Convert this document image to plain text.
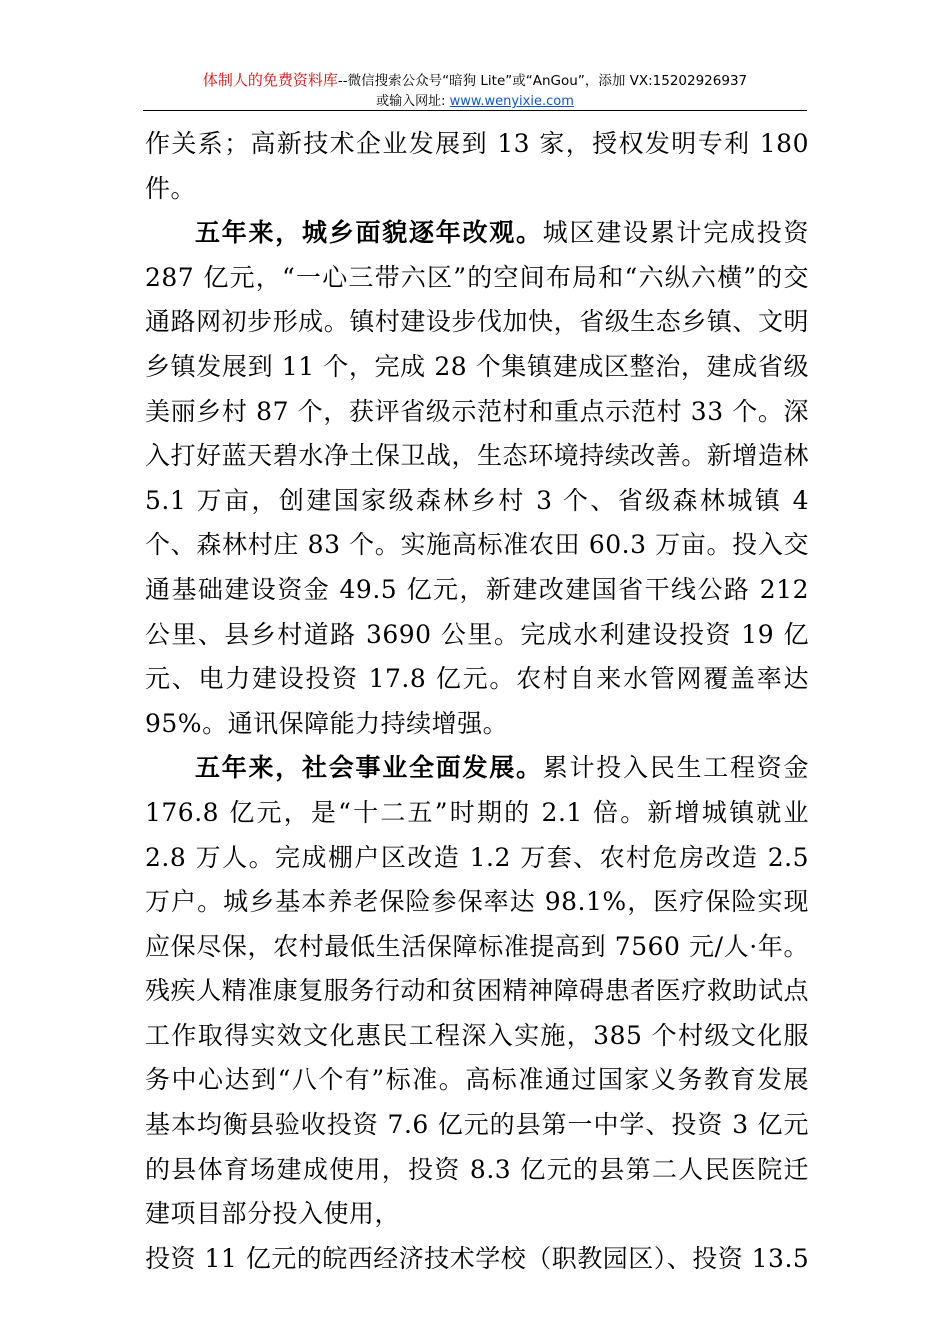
体制人的免费资料库--微信搜索公众号“暗狗 Lite”或“AnGou”，添加 VX:15202926937
或输入网址: www.wenyixie.com

作关系；高新技术企业发展到 13 家，授权发明专利 180 件。

五年来，城乡面貌逐年改观。城区建设累计完成投资 287 亿元，“一心三带六区”的空间布局和“六纵六横”的交通路网初步形成。镇村建设步伐加快，省级生态乡镇、文明乡镇发展到 11 个，完成 28 个集镇建成区整治，建成省级美丽乡村 87 个，获评省级示范村和重点示范村 33 个。深入打好蓝天碧水净土保卫战，生态环境持续改善。新增造林 5.1 万亩，创建国家级森林乡村 3 个、省级森林城镇 4 个、森林村庄 83 个。实施高标准农田 60.3 万亩。投入交通基础建设资金 49.5 亿元，新建改建国省干线公路 212 公里、县乡村道路 3690 公里。完成水利建设投资 19 亿元、电力建设投资 17.8 亿元。农村自来水管网覆盖率达 95%。通讯保障能力持续增强。

五年来，社会事业全面发展。累计投入民生工程资金 176.8 亿元，是“十二五”时期的 2.1 倍。新增城镇就业 2.8 万人。完成棚户区改造 1.2 万套、农村危房改造 2.5 万户。城乡基本养老保险参保率达 98.1%，医疗保险实现应保尽保，农村最低生活保障标准提高到 7560 元/人·年。残疾人精准康复服务行动和贫困精神障碍患者医疗救助试点工作取得实效文化惠民工程深入实施，385 个村级文化服务中心达到“八个有”标准。高标准通过国家义务教育发展基本均衡县验收投资 7.6 亿元的县第一中学、投资 3 亿元的县体育场建成使用，投资 8.3 亿元的县第二人民医院迁建项目部分投入使用，

投资 11 亿元的皖西经济技术学校（职教园区）、投资 13.5
